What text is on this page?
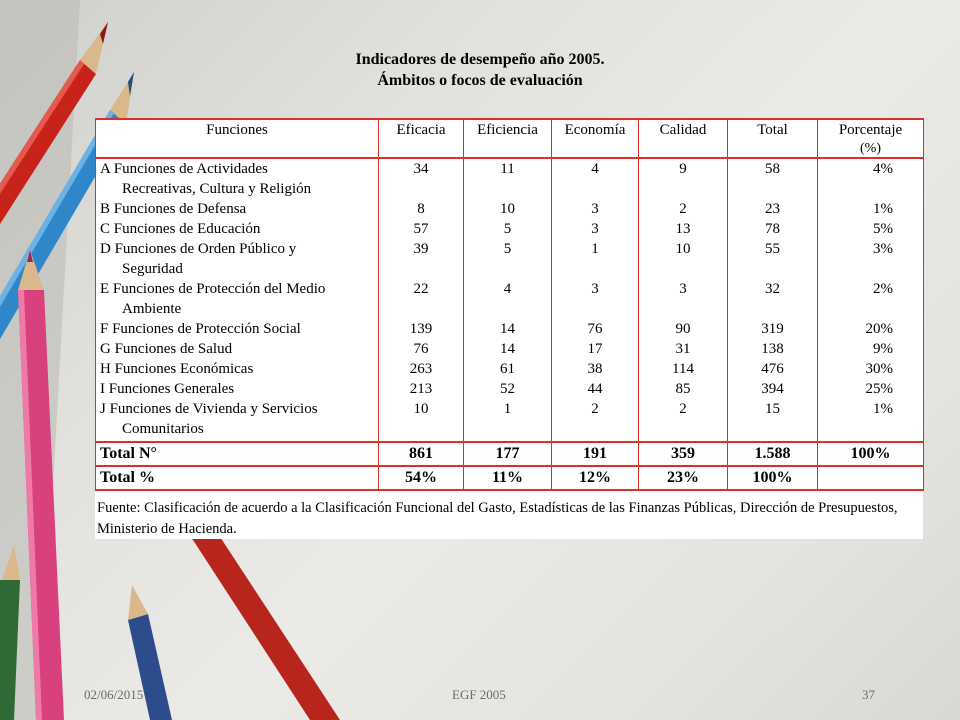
Indicadores de desempeño año 2005.
Ámbitos o focos de evaluación
Funciones	Eficacia	Eficiencia	Economía	Calidad	Total	Porcentaje
(%)

A Funciones de Actividades
Recreativas, Cultura y Religión	34	11	4	9	58	4%

B Funciones de Defensa	8	10	3	2	23	1%

C Funciones de Educación	57	5	3	13	78	5%

D Funciones de Orden Público y
Seguridad	39	5	1	10	55	3%

E Funciones de Protección del Medio
Ambiente	22	4	3	3	32	2%

F Funciones de Protección Social	139	14	76	90	319	20%

G Funciones de Salud	76	14	17	31	138	9%

H Funciones Económicas	263	61	38	114	476	30%

I Funciones Generales	213	52	44	85	394	25%

J Funciones de Vivienda y Servicios
Comunitarios	10	1	2	2	15	1%
Total N°	861	177	191	359	1.588	100%
Total %	54%	11%	12%	23%	100%	
Fuente: Clasificación de acuerdo a la Clasificación Funcional del Gasto, Estadísticas de las Finanzas Públicas, Dirección de Presupuestos, Ministerio de Hacienda.
02/06/2015	EGF 2005	37
